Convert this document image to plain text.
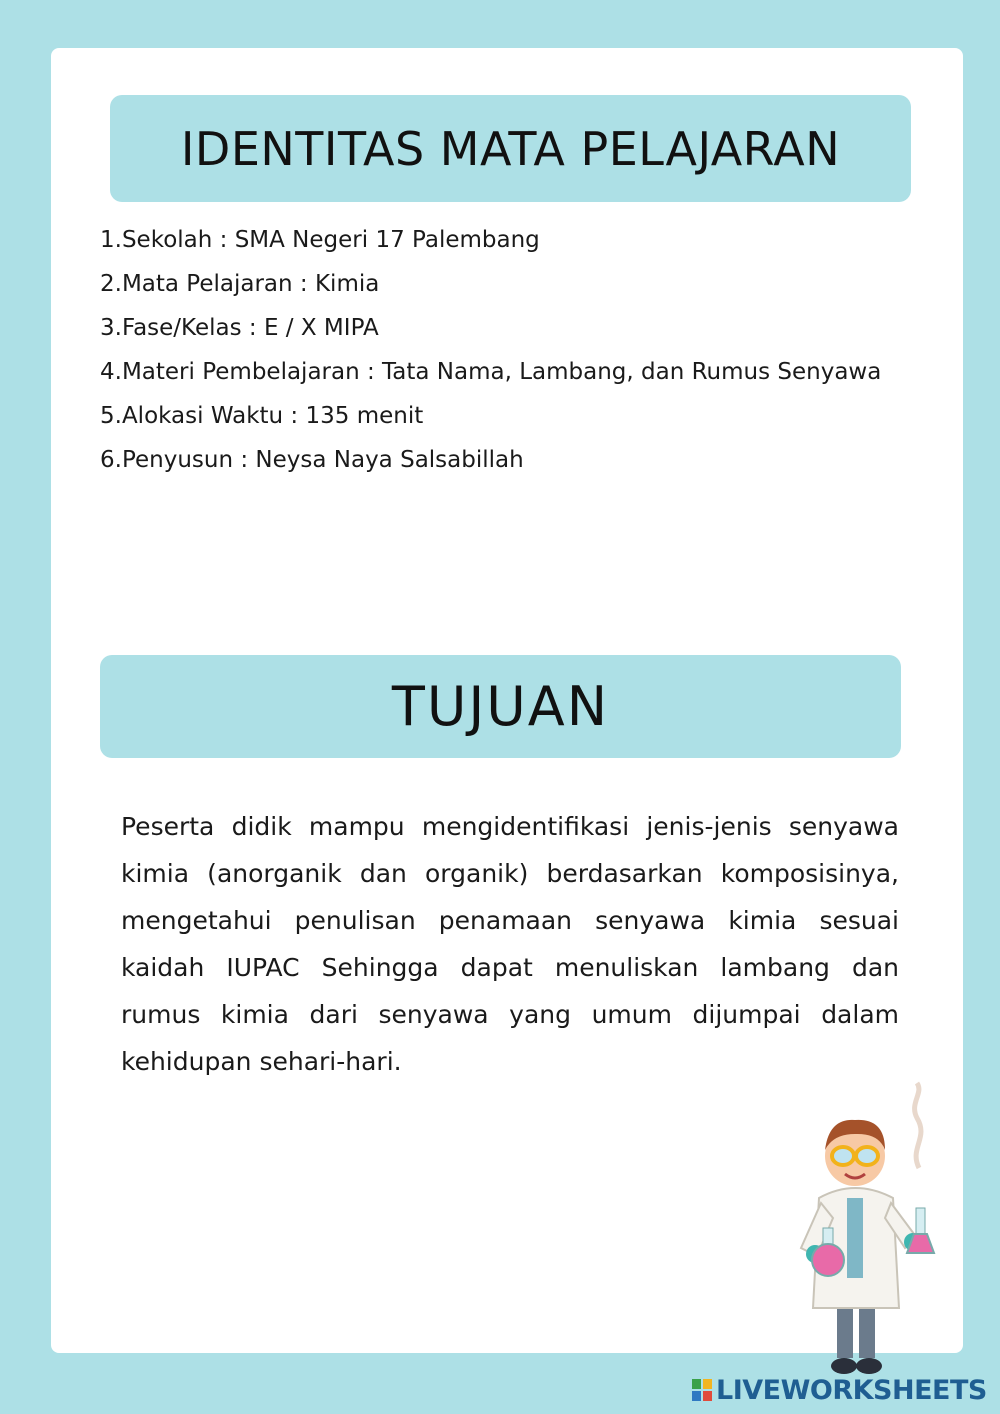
IDENTITAS MATA PELAJARAN
1.Sekolah : SMA Negeri 17 Palembang
2.Mata Pelajaran : Kimia
3.Fase/Kelas : E / X MIPA
4.Materi Pembelajaran : Tata Nama, Lambang, dan Rumus Senyawa
5.Alokasi Waktu : 135 menit
6.Penyusun : Neysa Naya Salsabillah
TUJUAN

Peserta didik mampu mengidentifikasi jenis-jenis senyawa kimia (anorganik dan organik) berdasarkan komposisinya, mengetahui penulisan penamaan senyawa kimia sesuai kaidah IUPAC Sehingga dapat menuliskan lambang dan rumus kimia dari senyawa yang umum dijumpai dalam kehidupan sehari-hari.

LIVEWORKSHEETS
